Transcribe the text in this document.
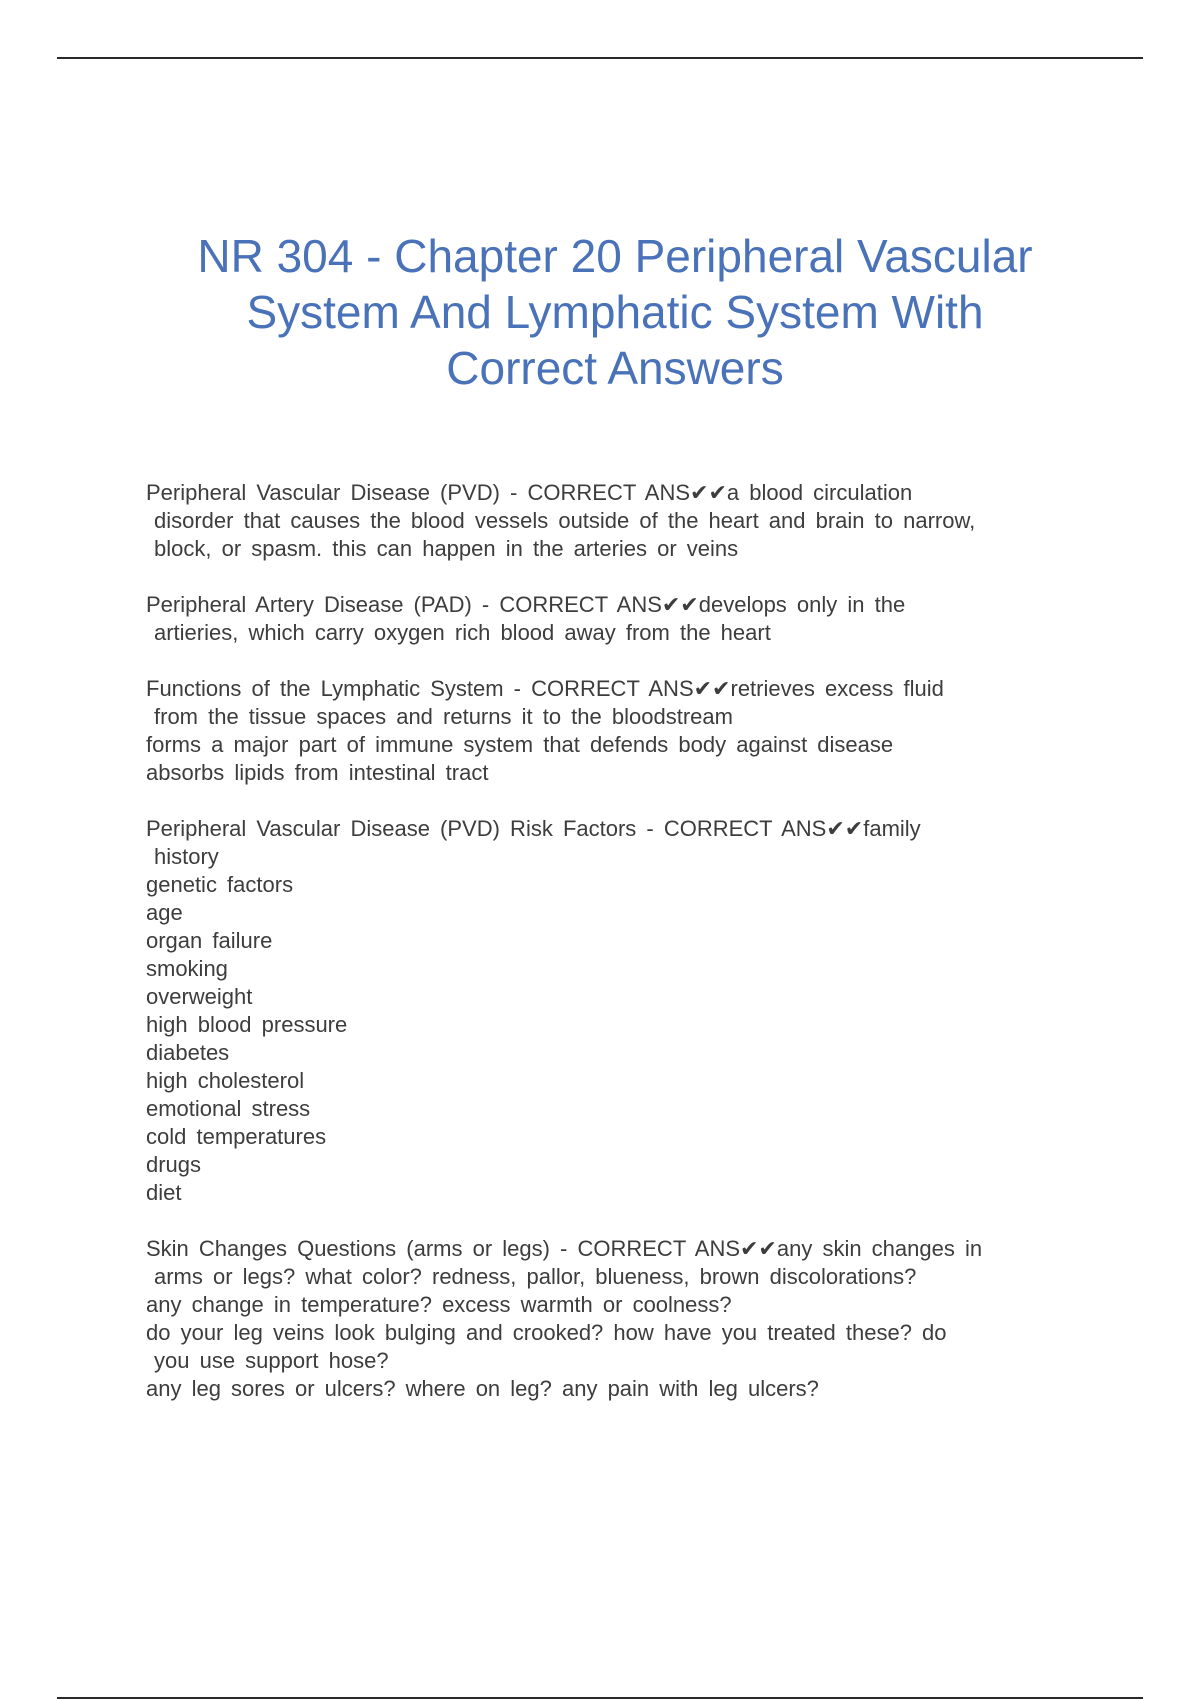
NR 304 - Chapter 20 Peripheral Vascular
System And Lymphatic System With
Correct Answers
Peripheral Vascular Disease (PVD) - CORRECT ANS✔✔a blood circulation
disorder that causes the blood vessels outside of the heart and brain to narrow,
block, or spasm. this can happen in the arteries or veins
Peripheral Artery Disease (PAD) - CORRECT ANS✔✔develops only in the
artieries, which carry oxygen rich blood away from the heart
Functions of the Lymphatic System - CORRECT ANS✔✔retrieves excess fluid
from the tissue spaces and returns it to the bloodstream
forms a major part of immune system that defends body against disease
absorbs lipids from intestinal tract
Peripheral Vascular Disease (PVD) Risk Factors - CORRECT ANS✔✔family
history
genetic factors
age
organ failure
smoking
overweight
high blood pressure
diabetes
high cholesterol
emotional stress
cold temperatures
drugs
diet
Skin Changes Questions (arms or legs) - CORRECT ANS✔✔any skin changes in
arms or legs? what color? redness, pallor, blueness, brown discolorations?
any change in temperature? excess warmth or coolness?
do your leg veins look bulging and crooked? how have you treated these? do
you use support hose?
any leg sores or ulcers? where on leg? any pain with leg ulcers?
